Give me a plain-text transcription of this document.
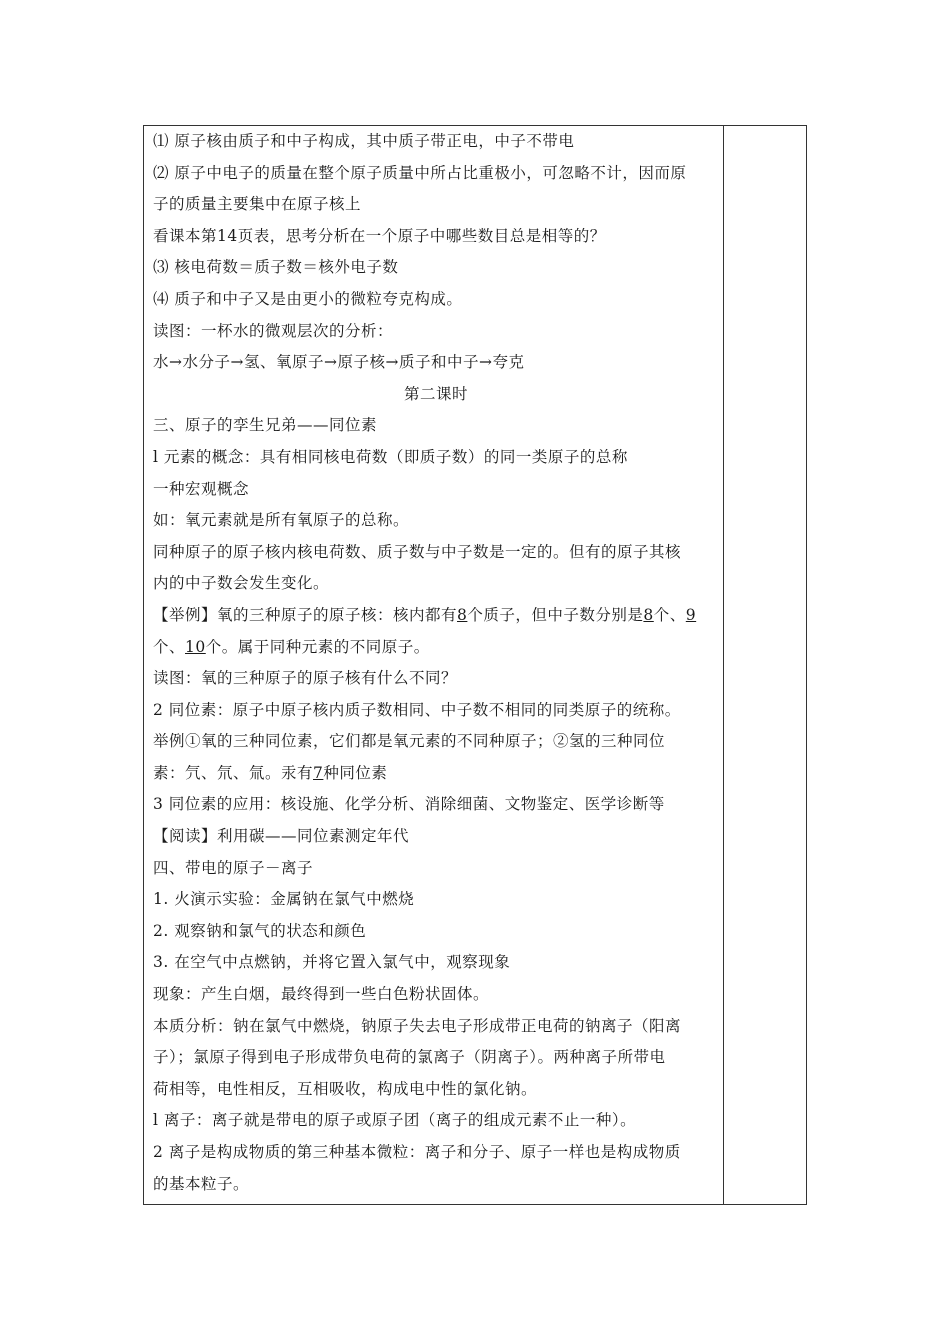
⑴ 原子核由质子和中子构成，其中质子带正电，中子不带电
⑵ 原子中电子的质量在整个原子质量中所占比重极小，可忽略不计，因而原
子的质量主要集中在原子核上
看课本第14页表，思考分析在一个原子中哪些数目总是相等的？
⑶ 核电荷数＝质子数＝核外电子数
⑷ 质子和中子又是由更小的微粒夸克构成。
读图：一杯水的微观层次的分析：
水→水分子→氢、氧原子→原子核→质子和中子→夸克
第二课时
三、原子的孪生兄弟——同位素
l 元素的概念：具有相同核电荷数（即质子数）的同一类原子的总称
一种宏观概念
如：氧元素就是所有氧原子的总称。
同种原子的原子核内核电荷数、质子数与中子数是一定的。但有的原子其核
内的中子数会发生变化。
【举例】氧的三种原子的原子核：核内都有8个质子，但中子数分别是8个、9
个、10个。属于同种元素的不同原子。
读图：氧的三种原子的原子核有什么不同？
2 同位素：原子中原子核内质子数相同、中子数不相同的同类原子的统称。
举例①氧的三种同位素，它们都是氧元素的不同种原子；②氢的三种同位
素：氕、氘、氚。汞有7种同位素
3 同位素的应用：核设施、化学分析、消除细菌、文物鉴定、医学诊断等
【阅读】利用碳——同位素测定年代
四、带电的原子－离子
1. 火演示实验：金属钠在氯气中燃烧
2. 观察钠和氯气的状态和颜色
3. 在空气中点燃钠，并将它置入氯气中，观察现象
现象：产生白烟，最终得到一些白色粉状固体。
本质分析：钠在氯气中燃烧，钠原子失去电子形成带正电荷的钠离子（阳离
子）；氯原子得到电子形成带负电荷的氯离子（阴离子）。两种离子所带电
荷相等，电性相反，互相吸收，构成电中性的氯化钠。
l 离子：离子就是带电的原子或原子团（离子的组成元素不止一种）。
2 离子是构成物质的第三种基本微粒：离子和分子、原子一样也是构成物质
的基本粒子。
